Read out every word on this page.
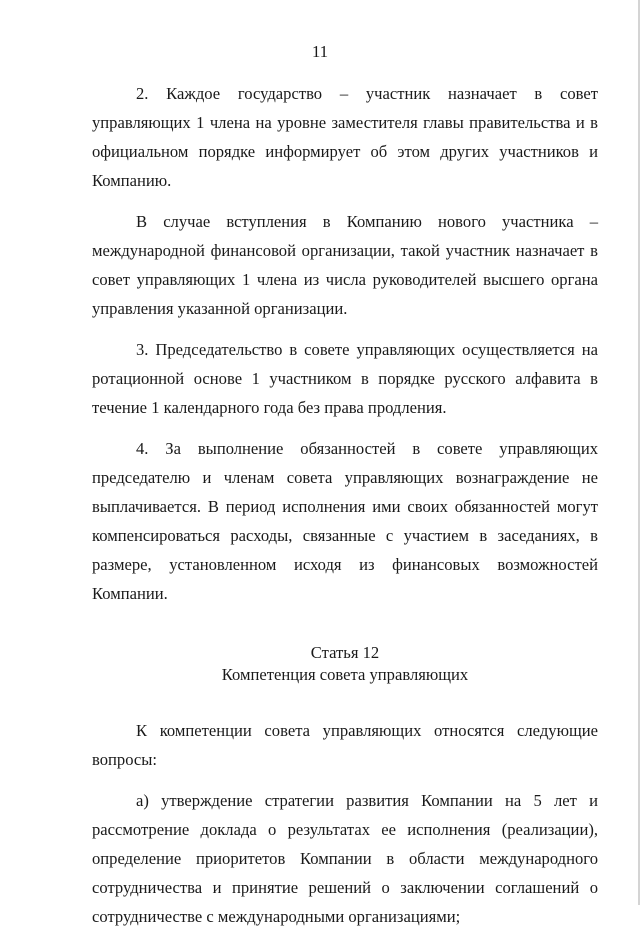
11

2. Каждое государство – участник назначает в совет управляющих 1 члена на уровне заместителя главы правительства и в официальном порядке информирует об этом других участников и Компанию.

В случае вступления в Компанию нового участника – международной финансовой организации, такой участник назначает в совет управляющих 1 члена из числа руководителей высшего органа управления указанной организации.

3. Председательство в совете управляющих осуществляется на ротационной основе 1 участником в порядке русского алфавита в течение 1 календарного года без права продления.

4. За выполнение обязанностей в совете управляющих председателю и членам совета управляющих вознаграждение не выплачивается. В период исполнения ими своих обязанностей могут компенсироваться расходы, связанные с участием в заседаниях, в размере, установленном исходя из финансовых возможностей Компании.

Статья 12
Компетенция совета управляющих

К компетенции совета управляющих относятся следующие вопросы:

а) утверждение стратегии развития Компании на 5 лет и рассмотрение доклада о результатах ее исполнения (реализации), определение приоритетов Компании в области международного сотрудничества и принятие решений о заключении соглашений о сотрудничестве с международными организациями;
